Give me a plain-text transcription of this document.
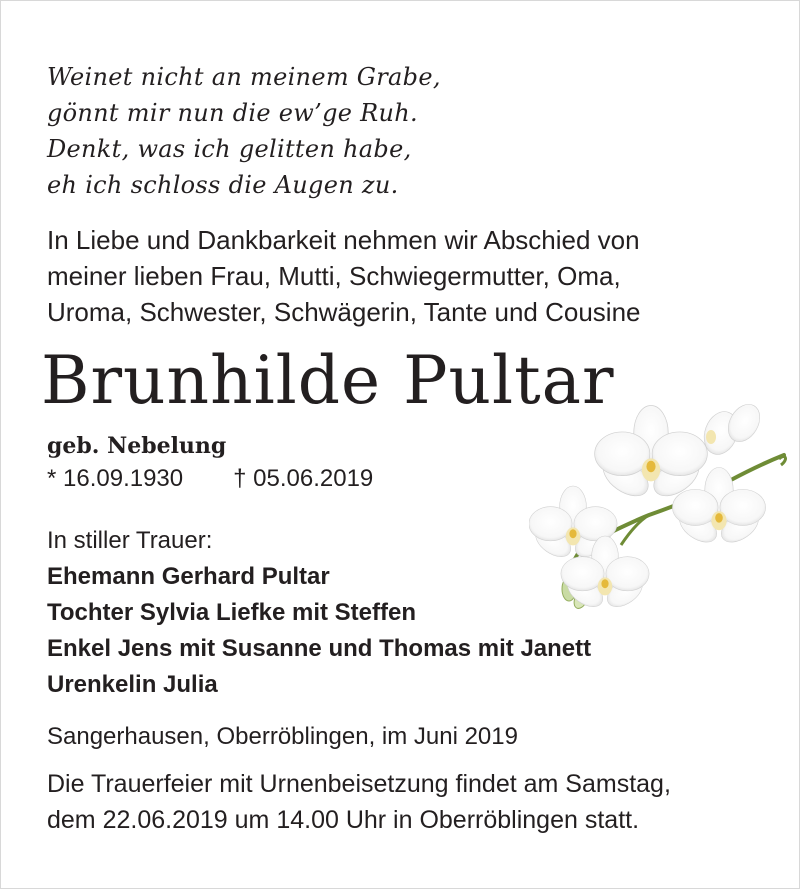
Weinet nicht an meinem Grabe,
gönnt mir nun die ew’ge Ruh.
Denkt, was ich gelitten habe,
eh ich schloss die Augen zu.
In Liebe und Dankbarkeit nehmen wir Abschied von
meiner lieben Frau, Mutti, Schwiegermutter, Oma,
Uroma, Schwester, Schwägerin, Tante und Cousine
Brunhilde Pultar
geb. Nebelung
* 16.09.1930 † 05.06.2019
In stiller Trauer:
Ehemann Gerhard Pultar
Tochter Sylvia Liefke mit Steffen
Enkel Jens mit Susanne und Thomas mit Janett
Urenkelin Julia
Sangerhausen, Oberröblingen, im Juni 2019
Die Trauerfeier mit Urnenbeisetzung findet am Samstag,
dem 22.06.2019 um 14.00 Uhr in Oberröblingen statt.
